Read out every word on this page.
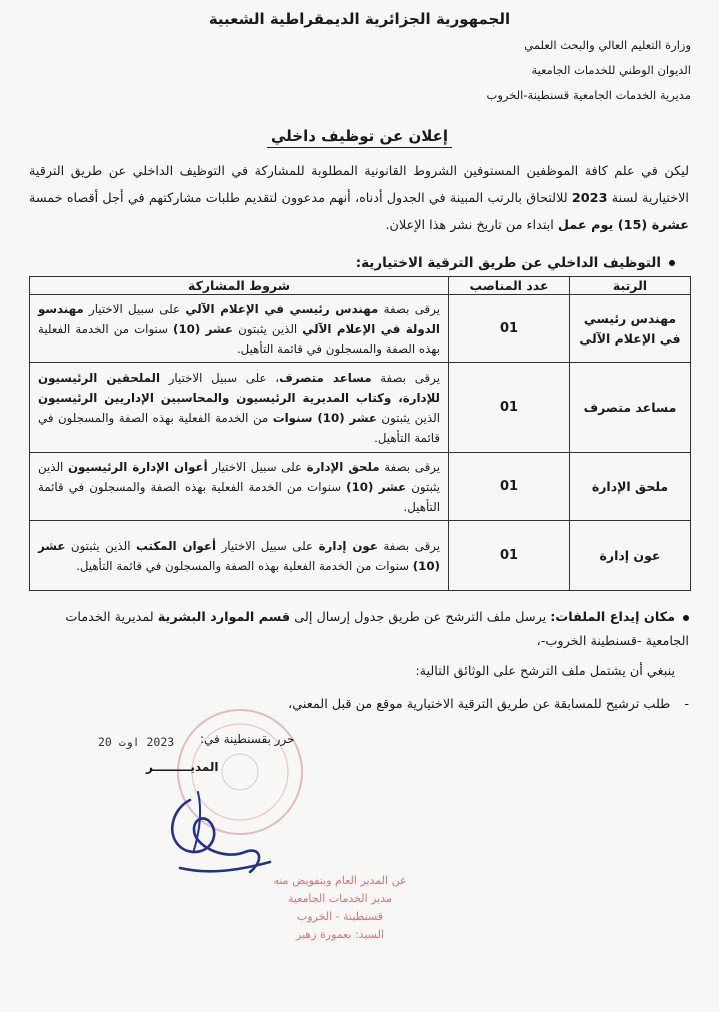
الجمهورية الجزائرية الديمقراطية الشعبية
وزارة التعليم العالي والبحث العلمي
الديوان الوطني للخدمات الجامعية
مديرية الخدمات الجامعية قسنطينة-الخروب
إعلان عن توظيف داخلي
ليكن في علم كافة الموظفين المستوفين الشروط القانونية المطلوبة للمشاركة في التوظيف الداخلي عن طريق الترقية الاختيارية لسنة 2023 للالتحاق بالرتب المبينة في الجدول أدناه، أنهم مدعوون لتقديم طلبات مشاركتهم في أجل أقصاه خمسة عشرة (15) يوم عمل ابتداء من تاريخ نشر هذا الإعلان.
التوظيف الداخلي عن طريق الترقية الاختيارية:
الرتبة	عدد المناصب	شروط المشاركة
مهندس رئيسي في الإعلام الآلي	01	يرقى بصفة مهندس رئيسي في الإعلام الآلي على سبيل الاختيار مهندسو الدولة في الإعلام الآلي الذين يثبتون عشر (10) سنوات من الخدمة الفعلية بهذه الصفة والمسجلون في قائمة التأهيل.
مساعد متصرف	01	يرقى بصفة مساعد متصرف، على سبيل الاختيار الملحقين الرئيسيون للإدارة، وكتاب المديرية الرئيسيون والمحاسبين الإداريين الرئيسيون الذين يثبتون عشر (10) سنوات من الخدمة الفعلية بهذه الصفة والمسجلون في قائمة التأهيل.
ملحق الإدارة	01	يرقى بصفة ملحق الإدارة على سبيل الاختيار أعوان الإدارة الرئيسيون الذين يثبتون عشر (10) سنوات من الخدمة الفعلية بهذه الصفة والمسجلون في قائمة التأهيل.
عون إدارة	01	يرقى بصفة عون إدارة على سبيل الاختيار أعوان المكتب الذين يثبتون عشر (10) سنوات من الخدمة الفعلية بهذه الصفة والمسجلون في قائمة التأهيل.
مكان إيداع الملفات: يرسل ملف الترشح عن طريق جدول إرسال إلى قسم الموارد البشرية لمديرية الخدمات الجامعية -قسنطينة الخروب-،
ينبغي أن يشتمل ملف الترشح على الوثائق التالية:
-طلب ترشيح للمسابقة عن طريق الترقية الاختيارية موقع من قبل المعني،
2023 اوت 20 حرر بقسنطينة في:
المديـــــــــر
عن المدير العام وبتفويض منه
مدير الخدمات الجامعية
قسنطينة - الخروب
السيد: بعمورة زهير
